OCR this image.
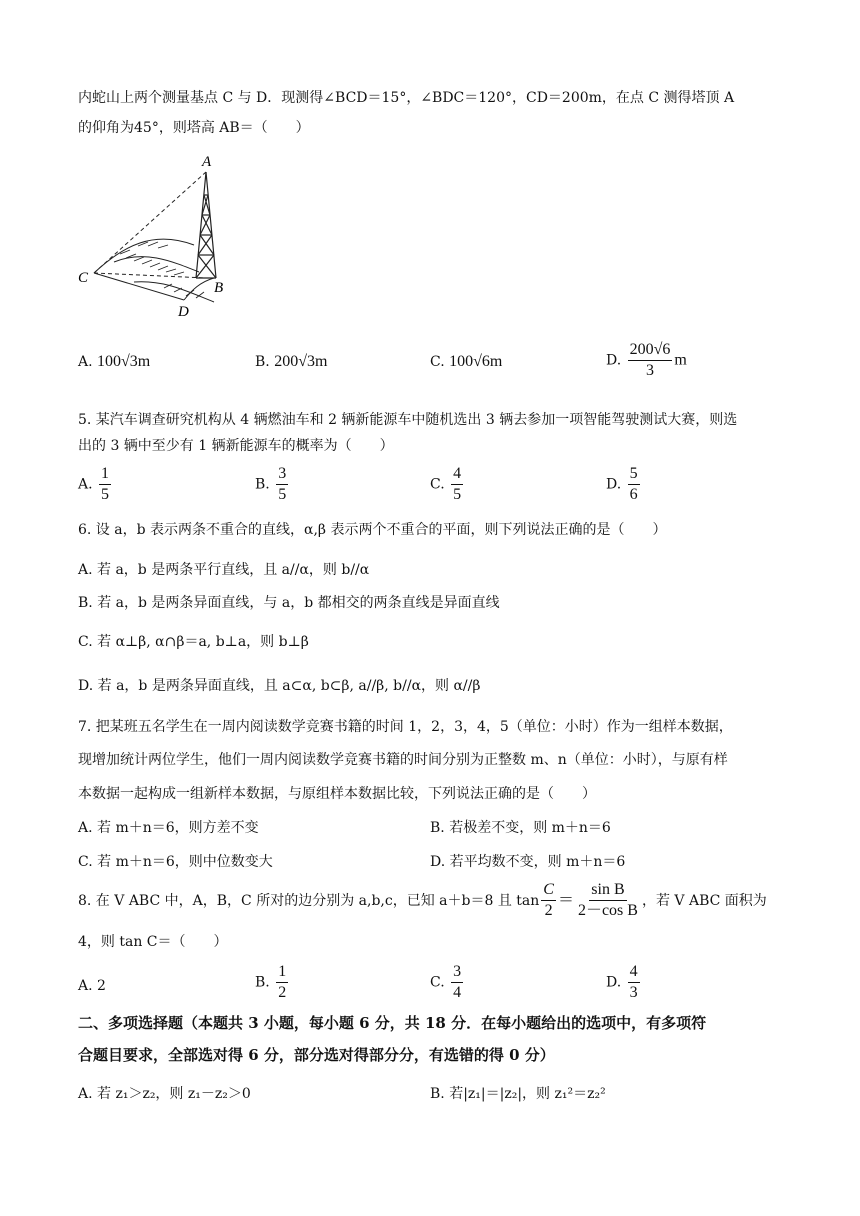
内蛇山上两个测量基点 C 与 D．现测得∠BCD＝15°，∠BDC＝120°，CD＝200m，在点 C 测得塔顶 A
的仰角为45°，则塔高 AB＝（　　）
A
C
B
D
A. 100√3m	B. 200√3m	C. 100√6m	D. $\frac{200√6}{3}$ m
5. 某汽车调查研究机构从 4 辆燃油车和 2 辆新能源车中随机选出 3 辆去参加一项智能驾驶测试大赛，则选
出的 3 辆中至少有 1 辆新能源车的概率为（　　）
A. $\frac{1}{5}$	B. $\frac{3}{5}$	C. $\frac{4}{5}$	D. $\frac{5}{6}$
6. 设 a，b 表示两条不重合的直线，α,β 表示两个不重合的平面，则下列说法正确的是（　　）
A. 若 a，b 是两条平行直线，且 a//α，则 b//α
B. 若 a，b 是两条异面直线，与 a，b 都相交的两条直线是异面直线
C. 若 α⊥β, α∩β＝a, b⊥a，则 b⊥β
D. 若 a，b 是两条异面直线，且 a⊂α, b⊂β, a//β, b//α，则 α//β
7. 把某班五名学生在一周内阅读数学竞赛书籍的时间 1，2，3，4，5（单位：小时）作为一组样本数据，
现增加统计两位学生，他们一周内阅读数学竞赛书籍的时间分别为正整数 m、n（单位：小时），与原有样
本数据一起构成一组新样本数据，与原组样本数据比较，下列说法正确的是（　　）
A. 若 m＋n＝6，则方差不变	B. 若极差不变，则 m＋n＝6
C. 若 m＋n＝6，则中位数变大	D. 若平均数不变，则 m＋n＝6
8. 在 V ABC 中，A，B，C 所对的边分别为 a,b,c，已知 a＋b＝8 且 $\tan \frac{C}{2} = \frac{\text{sin B}}{\text{2－cos B}}$ ，若 V ABC 面积为
4，则 tan C＝（　　）
A. 2	B. $\frac{1}{2}$	C. $\frac{3}{4}$	D. $\frac{4}{3}$
二、多项选择题（本题共 3 小题，每小题 6 分，共 18 分．在每小题给出的选项中，有多项符
合题目要求，全部选对得 6 分，部分选对得部分分，有选错的得 0 分）
A. 若 z₁＞z₂，则 z₁－z₂＞0	B. 若|z₁|＝|z₂|，则 z₁²＝z₂²
